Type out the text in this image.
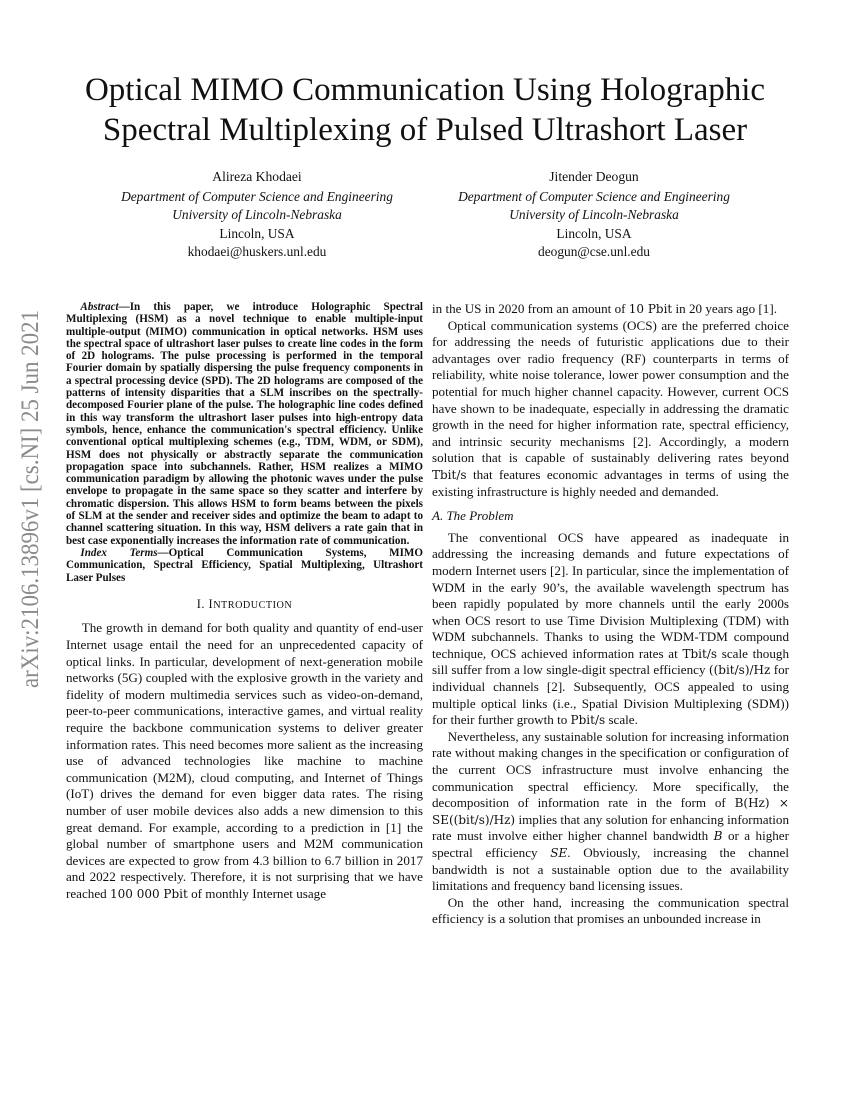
arXiv:2106.13896v1 [cs.NI] 25 Jun 2021
Optical MIMO Communication Using Holographic
Spectral Multiplexing of Pulsed Ultrashort Laser
Alireza Khodaei
Department of Computer Science and Engineering
University of Lincoln-Nebraska
Lincoln, USA
khodaei@huskers.unl.edu
Jitender Deogun
Department of Computer Science and Engineering
University of Lincoln-Nebraska
Lincoln, USA
deogun@cse.unl.edu

Abstract—In this paper, we introduce Holographic Spectral Multiplexing (HSM) as a novel technique to enable multiple-input multiple-output (MIMO) communication in optical networks. HSM uses the spectral space of ultrashort laser pulses to create line codes in the form of 2D holograms. The pulse processing is performed in the temporal Fourier domain by spatially dispersing the pulse frequency components in a spectral processing device (SPD). The 2D holograms are composed of the patterns of intensity disparities that a SLM inscribes on the spectrally-decomposed Fourier plane of the pulse. The holographic line codes defined in this way transform the ultrashort laser pulses into high-entropy data symbols, hence, enhance the communication's spectral efficiency. Unlike conventional optical multiplexing schemes (e.g., TDM, WDM, or SDM), HSM does not physically or abstractly separate the communication propagation space into subchannels. Rather, HSM realizes a MIMO communication paradigm by allowing the photonic waves under the pulse envelope to propagate in the same space so they scatter and interfere by chromatic dispersion. This allows HSM to form beams between the pixels of SLM at the sender and receiver sides and optimize the beam to adapt to channel scattering situation. In this way, HSM delivers a rate gain that in best case exponentially increases the information rate of communication.

Index Terms—Optical Communication Systems, MIMO Communication, Spectral Efficiency, Spatial Multiplexing, Ultrashort Laser Pulses

I. INTRODUCTION

The growth in demand for both quality and quantity of end-user Internet usage entail the need for an unprecedented capacity of optical links. In particular, development of next-generation mobile networks (5G) coupled with the explosive growth in the variety and fidelity of modern multimedia services such as video-on-demand, peer-to-peer communications, interactive games, and virtual reality require the backbone communication systems to deliver greater information rates. This need becomes more salient as the increasing use of advanced technologies like machine to machine communication (M2M), cloud computing, and Internet of Things (IoT) drives the demand for even bigger data rates. The rising number of user mobile devices also adds a new dimension to this great demand. For example, according to a prediction in [1] the global number of smartphone users and M2M communication devices are expected to grow from 4.3 billion to 6.7 billion in 2017 and 2022 respectively. Therefore, it is not surprising that we have reached 100 000 Pbit of monthly Internet usage

in the US in 2020 from an amount of 10 Pbit in 20 years ago [1].

Optical communication systems (OCS) are the preferred choice for addressing the needs of futuristic applications due to their advantages over radio frequency (RF) counterparts in terms of reliability, white noise tolerance, lower power consumption and the potential for much higher channel capacity. However, current OCS have shown to be inadequate, especially in addressing the dramatic growth in the need for higher information rate, spectral efficiency, and intrinsic security mechanisms [2]. Accordingly, a modern solution that is capable of sustainably delivering rates beyond Tbit/s that features economic advantages in terms of using the existing infrastructure is highly needed and demanded.

A. The Problem

The conventional OCS have appeared as inadequate in addressing the increasing demands and future expectations of modern Internet users [2]. In particular, since the implementation of WDM in the early 90’s, the available wavelength spectrum has been rapidly populated by more channels until the early 2000s when OCS resort to use Time Division Multiplexing (TDM) with WDM subchannels. Thanks to using the WDM-TDM compound technique, OCS achieved information rates at Tbit/s scale though sill suffer from a low single-digit spectral efficiency ((bit/s)/Hz for individual channels [2]. Subsequently, OCS appealed to using multiple optical links (i.e., Spatial Division Multiplexing (SDM)) for their further growth to Pbit/s scale.

Nevertheless, any sustainable solution for increasing information rate without making changes in the specification or configuration of the current OCS infrastructure must involve enhancing the communication spectral efficiency. More specifically, the decomposition of information rate in the form of B(Hz) × SE((bit/s)/Hz) implies that any solution for enhancing information rate must involve either higher channel bandwidth B or a higher spectral efficiency SE. Obviously, increasing the channel bandwidth is not a sustainable option due to the availability limitations and frequency band licensing issues.

On the other hand, increasing the communication spectral efficiency is a solution that promises an unbounded increase in
